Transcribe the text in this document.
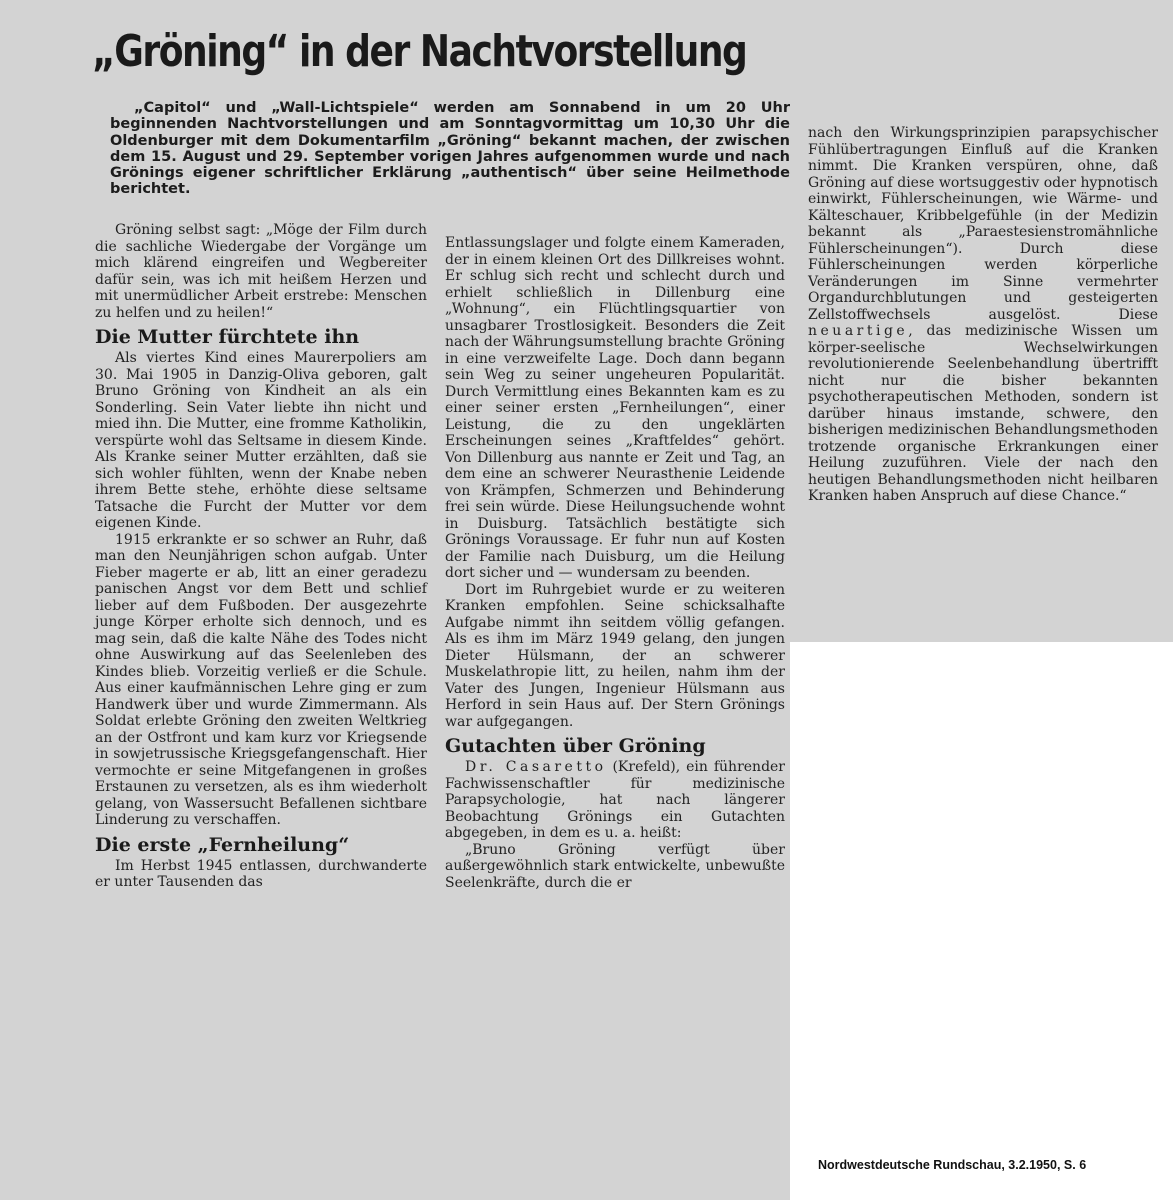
„Gröning“ in der Nachtvorstellung

„Capitol“ und „Wall-Lichtspiele“ werden am Sonnabend in um 20 Uhr beginnenden Nachtvorstellungen und am Sonntagvormittag um 10,30 Uhr die Oldenburger mit dem Dokumentarfilm „Gröning“ bekannt machen, der zwischen dem 15. August und 29. September vorigen Jahres aufgenommen wurde und nach Grönings eigener schriftlicher Erklärung „authentisch“ über seine Heilmethode berichtet.

Gröning selbst sagt: „Möge der Film durch die sachliche Wiedergabe der Vorgänge um mich klärend eingreifen und Wegbereiter dafür sein, was ich mit heißem Herzen und mit unermüdlicher Arbeit erstrebe: Menschen zu helfen und zu heilen!“

Die Mutter fürchtete ihn

Als viertes Kind eines Maurerpoliers am 30. Mai 1905 in Danzig-Oliva geboren, galt Bruno Gröning von Kindheit an als ein Sonderling. Sein Vater liebte ihn nicht und mied ihn. Die Mutter, eine fromme Katholikin, verspürte wohl das Seltsame in diesem Kinde. Als Kranke seiner Mutter erzählten, daß sie sich wohler fühlten, wenn der Knabe neben ihrem Bette stehe, erhöhte diese seltsame Tatsache die Furcht der Mutter vor dem eigenen Kinde.

1915 erkrankte er so schwer an Ruhr, daß man den Neunjährigen schon aufgab. Unter Fieber magerte er ab, litt an einer geradezu panischen Angst vor dem Bett und schlief lieber auf dem Fußboden. Der ausgezehrte junge Körper erholte sich dennoch, und es mag sein, daß die kalte Nähe des Todes nicht ohne Auswirkung auf das Seelenleben des Kindes blieb. Vorzeitig verließ er die Schule. Aus einer kaufmännischen Lehre ging er zum Handwerk über und wurde Zimmermann. Als Soldat erlebte Gröning den zweiten Weltkrieg an der Ostfront und kam kurz vor Kriegsende in sowjetrussische Kriegsgefangenschaft. Hier vermochte er seine Mitgefangenen in großes Erstaunen zu versetzen, als es ihm wiederholt gelang, von Wassersucht Befallenen sichtbare Linderung zu verschaffen.

Die erste „Fernheilung“

Im Herbst 1945 entlassen, durchwanderte er unter Tausenden das

Entlassungslager und folgte einem Kameraden, der in einem kleinen Ort des Dillkreises wohnt. Er schlug sich recht und schlecht durch und erhielt schließlich in Dillenburg eine „Wohnung“, ein Flüchtlingsquartier von unsagbarer Trostlosigkeit. Besonders die Zeit nach der Währungsumstellung brachte Gröning in eine verzweifelte Lage. Doch dann begann sein Weg zu seiner ungeheuren Popularität. Durch Vermittlung eines Bekannten kam es zu einer seiner ersten „Fernheilungen“, einer Leistung, die zu den ungeklärten Erscheinungen seines „Kraftfeldes“ gehört. Von Dillenburg aus nannte er Zeit und Tag, an dem eine an schwerer Neurasthenie Leidende von Krämpfen, Schmerzen und Behinderung frei sein würde. Diese Heilungsuchende wohnt in Duisburg. Tatsächlich bestätigte sich Grönings Voraussage. Er fuhr nun auf Kosten der Familie nach Duisburg, um die Heilung dort sicher und — wundersam zu beenden.

Dort im Ruhrgebiet wurde er zu weiteren Kranken empfohlen. Seine schicksalhafte Aufgabe nimmt ihn seitdem völlig gefangen. Als es ihm im März 1949 gelang, den jungen Dieter Hülsmann, der an schwerer Muskelathropie litt, zu heilen, nahm ihm der Vater des Jungen, Ingenieur Hülsmann aus Herford in sein Haus auf. Der Stern Grönings war aufgegangen.

Gutachten über Gröning

Dr. Casaretto (Krefeld), ein führender Fachwissenschaftler für medizinische Parapsychologie, hat nach längerer Beobachtung Grönings ein Gutachten abgegeben, in dem es u. a. heißt:

„Bruno Gröning verfügt über außergewöhnlich stark entwickelte, unbewußte Seelenkräfte, durch die er

nach den Wirkungsprinzipien parapsychischer Fühlübertragungen Einfluß auf die Kranken nimmt. Die Kranken verspüren, ohne, daß Gröning auf diese wortsuggestiv oder hypnotisch einwirkt, Fühlerscheinungen, wie Wärme- und Kälteschauer, Kribbelgefühle (in der Medizin bekannt als „Paraestesienstromähnliche Fühlerscheinungen“). Durch diese Fühlerscheinungen werden körperliche Veränderungen im Sinne vermehrter Organdurchblutungen und gesteigerten Zellstoffwechsels ausgelöst. Diese neuartige, das medizinische Wissen um körper-seelische Wechselwirkungen revolutionierende Seelenbehandlung übertrifft nicht nur die bisher bekannten psychotherapeutischen Methoden, sondern ist darüber hinaus imstande, schwere, den bisherigen medizinischen Behandlungsmethoden trotzende organische Erkrankungen einer Heilung zuzuführen. Viele der nach den heutigen Behandlungsmethoden nicht heilbaren Kranken haben Anspruch auf diese Chance.“

Nordwestdeutsche Rundschau, 3.2.1950, S. 6
